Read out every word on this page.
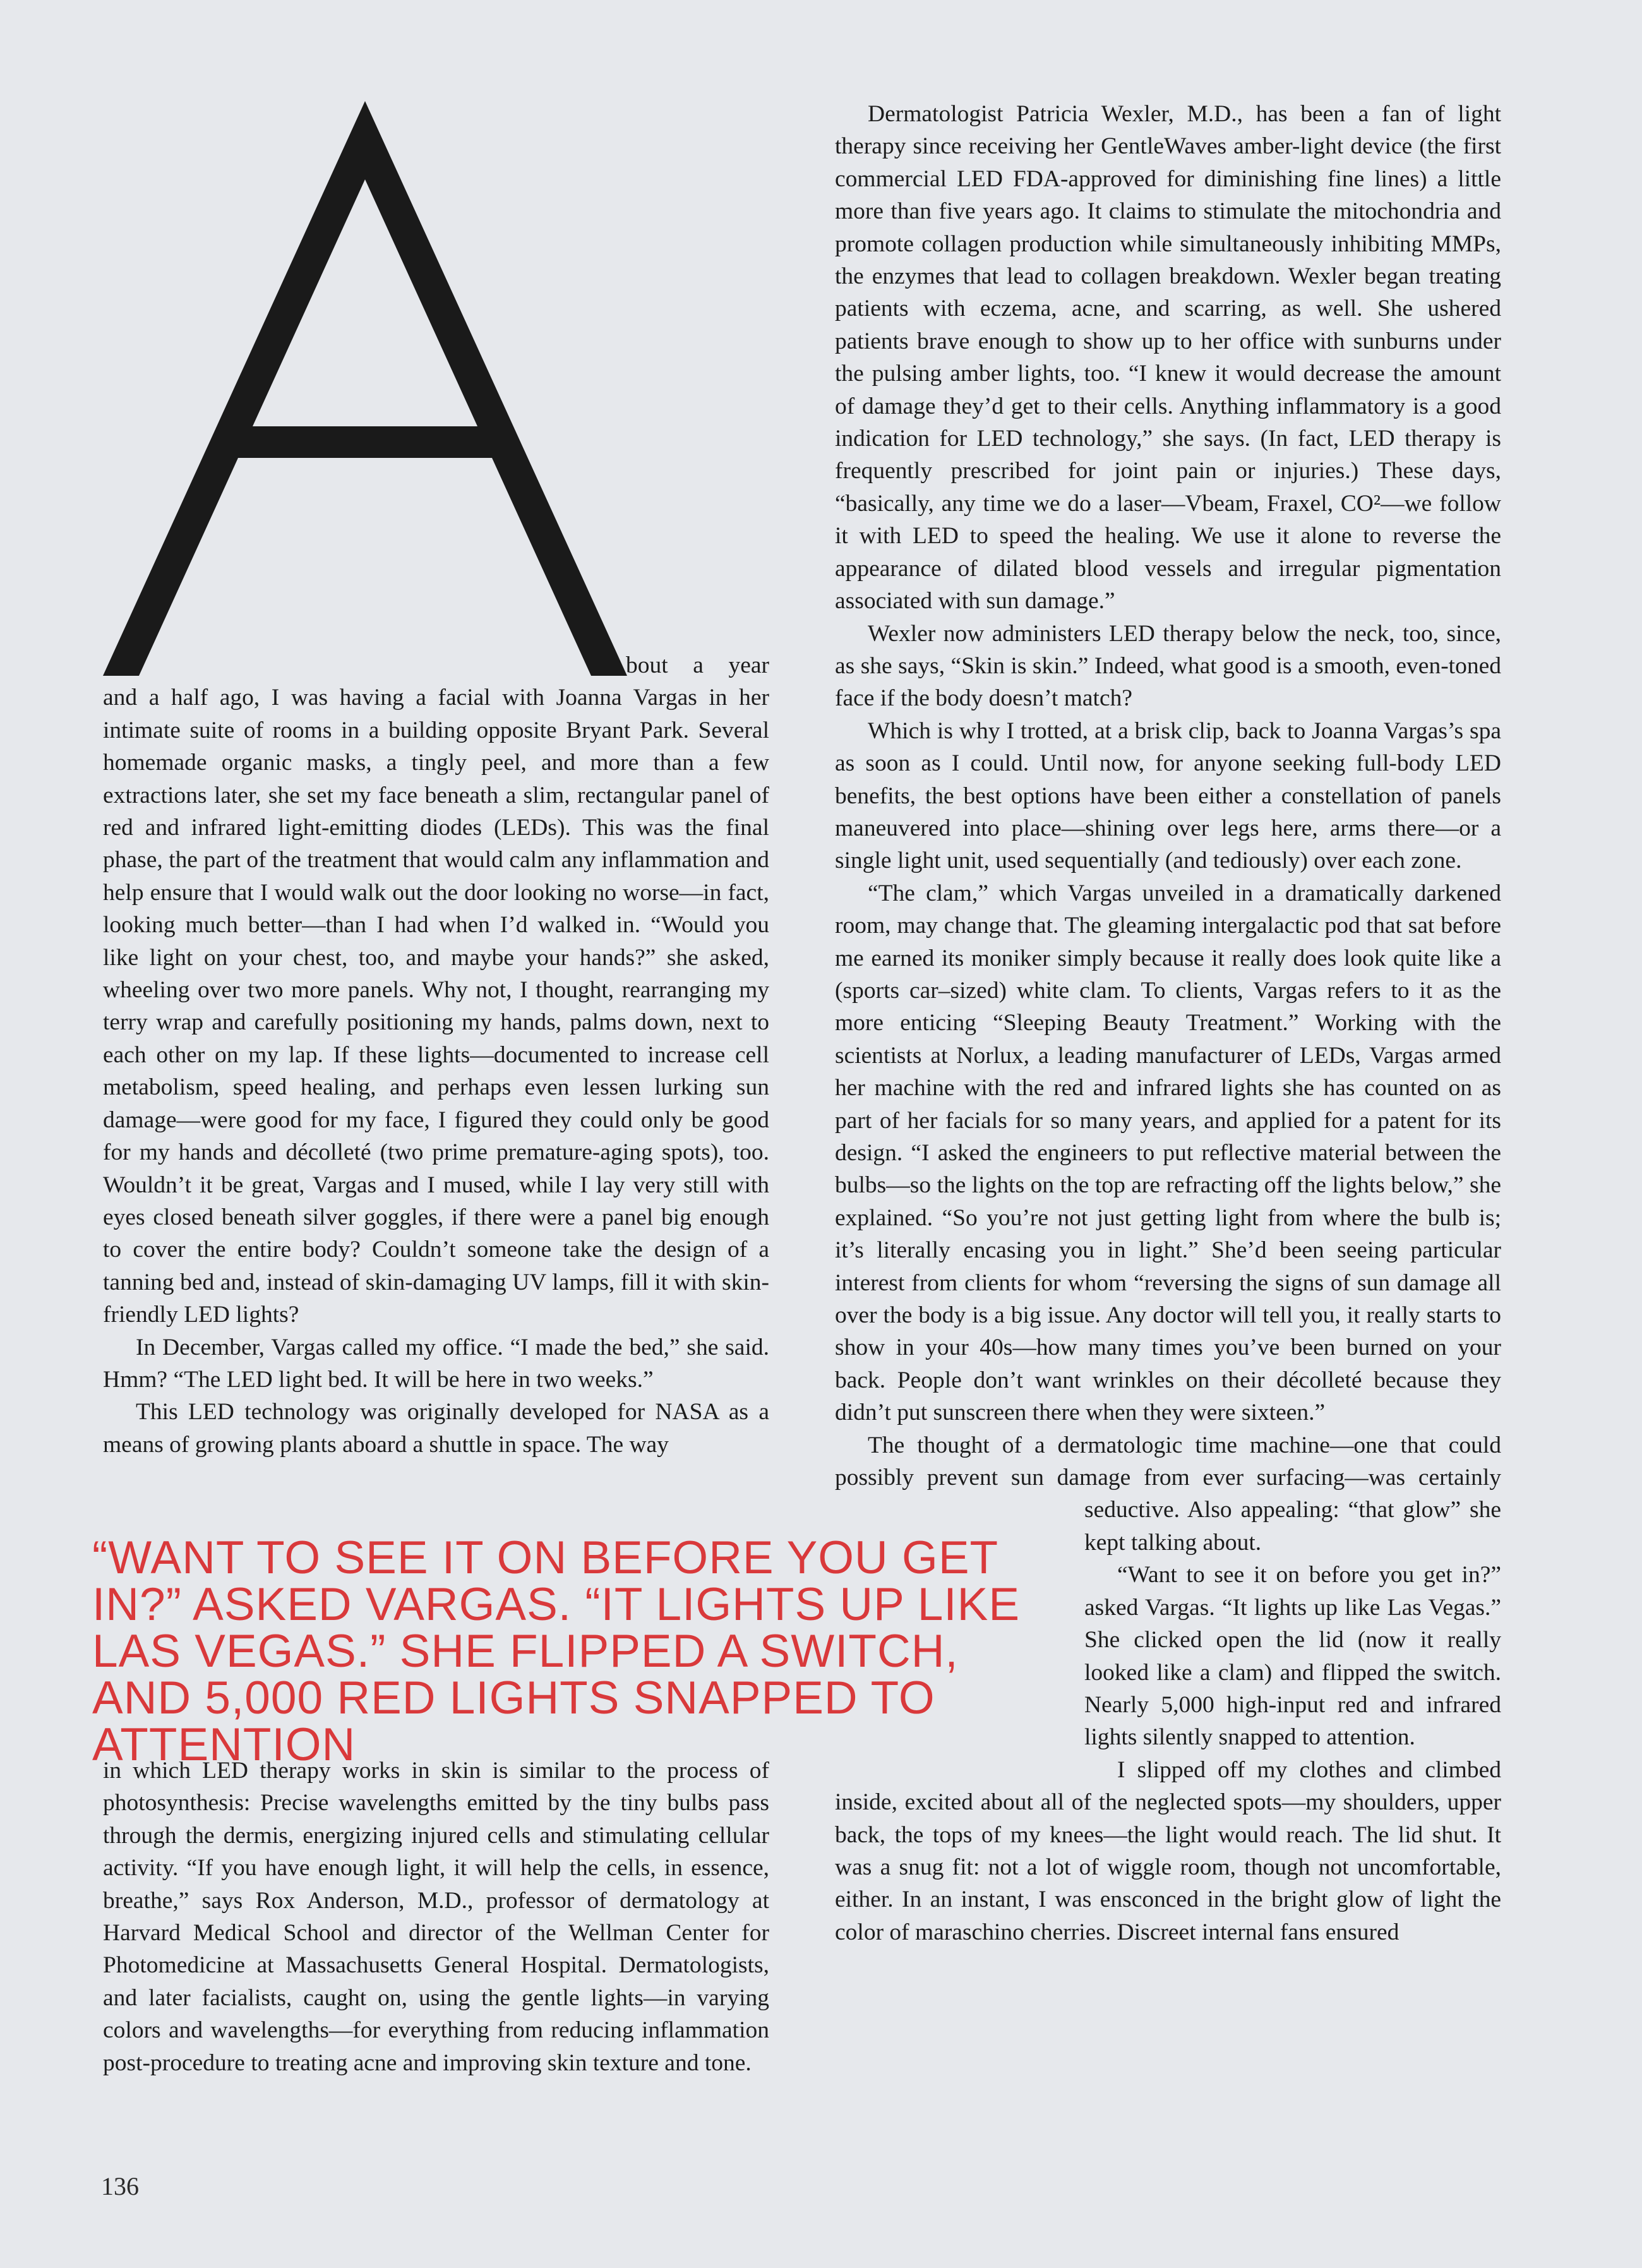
A

bout a year and a half ago, I was having a facial with Joanna Vargas in her intimate suite of rooms in a building opposite Bryant Park. Several homemade organic masks, a tingly peel, and more than a few extractions later, she set my face beneath a slim, rectangular panel of red and infrared light-emitting diodes (LEDs). This was the final phase, the part of the treatment that would calm any inflammation and help ensure that I would walk out the door looking no worse—in fact, looking much better—than I had when I’d walked in. “Would you like light on your chest, too, and maybe your hands?” she asked, wheeling over two more panels. Why not, I thought, rearranging my terry wrap and carefully positioning my hands, palms down, next to each other on my lap. If these lights—documented to increase cell metabolism, speed healing, and perhaps even lessen lurking sun damage—were good for my face, I figured they could only be good for my hands and décolleté (two prime premature-aging spots), too. Wouldn’t it be great, Vargas and I mused, while I lay very still with eyes closed beneath silver goggles, if there were a panel big enough to cover the entire body? Couldn’t someone take the design of a tanning bed and, instead of skin-damaging UV lamps, fill it with skin-friendly LED lights?

In December, Vargas called my office. “I made the bed,” she said. Hmm? “The LED light bed. It will be here in two weeks.”

This LED technology was originally developed for NASA as a means of growing plants aboard a shuttle in space. The way

“WANT TO SEE IT ON BEFORE YOU GET IN?” ASKED VARGAS. “IT LIGHTS UP LIKE LAS VEGAS.” SHE FLIPPED A SWITCH, AND 5,000 RED LIGHTS SNAPPED TO ATTENTION

in which LED therapy works in skin is similar to the process of photosynthesis: Precise wavelengths emitted by the tiny bulbs pass through the dermis, energizing injured cells and stimulating cellular activity. “If you have enough light, it will help the cells, in essence, breathe,” says Rox Anderson, M.D., professor of dermatology at Harvard Medical School and director of the Wellman Center for Photomedicine at Massachusetts General Hospital. Dermatologists, and later facialists, caught on, using the gentle lights—in varying colors and wavelengths—for everything from reducing inflammation post-procedure to treating acne and improving skin texture and tone.

Dermatologist Patricia Wexler, M.D., has been a fan of light therapy since receiving her GentleWaves amber-light device (the first commercial LED FDA-approved for diminishing fine lines) a little more than five years ago. It claims to stimulate the mitochondria and promote collagen production while simultaneously inhibiting MMPs, the enzymes that lead to collagen breakdown. Wexler began treating patients with eczema, acne, and scarring, as well. She ushered patients brave enough to show up to her office with sunburns under the pulsing amber lights, too. “I knew it would decrease the amount of damage they’d get to their cells. Anything inflammatory is a good indication for LED technology,” she says. (In fact, LED therapy is frequently prescribed for joint pain or injuries.) These days, “basically, any time we do a laser—Vbeam, Fraxel, CO²—we follow it with LED to speed the healing. We use it alone to reverse the appearance of dilated blood vessels and irregular pigmentation associated with sun damage.”

Wexler now administers LED therapy below the neck, too, since, as she says, “Skin is skin.” Indeed, what good is a smooth, even-toned face if the body doesn’t match?

Which is why I trotted, at a brisk clip, back to Joanna Vargas’s spa as soon as I could. Until now, for anyone seeking full-body LED benefits, the best options have been either a constellation of panels maneuvered into place—shining over legs here, arms there—or a single light unit, used sequentially (and tediously) over each zone.

“The clam,” which Vargas unveiled in a dramatically darkened room, may change that. The gleaming intergalactic pod that sat before me earned its moniker simply because it really does look quite like a (sports car–sized) white clam. To clients, Vargas refers to it as the more enticing “Sleeping Beauty Treatment.” Working with the scientists at Norlux, a leading manufacturer of LEDs, Vargas armed her machine with the red and infrared lights she has counted on as part of her facials for so many years, and applied for a patent for its design. “I asked the engineers to put reflective material between the bulbs—so the lights on the top are refracting off the lights below,” she explained. “So you’re not just getting light from where the bulb is; it’s literally encasing you in light.” She’d been seeing particular interest from clients for whom “reversing the signs of sun damage all over the body is a big issue. Any doctor will tell you, it really starts to show in your 40s—how many times you’ve been burned on your back. People don’t want wrinkles on their décolleté because they didn’t put sunscreen there when they were sixteen.”

The thought of a dermatologic time machine—one that could possibly prevent sun damage from ever surfacing—was certainly seductive. Also appealing: “that glow” she kept talking about.

“Want to see it on before you get in?” asked Vargas. “It lights up like Las Vegas.” She clicked open the lid (now it really looked like a clam) and flipped the switch. Nearly 5,000 high-input red and infrared lights silently snapped to attention.

I slipped off my clothes and climbed inside, excited about all of the neglected spots—my shoulders, upper back, the tops of my knees—the light would reach. The lid shut. It was a snug fit: not a lot of wiggle room, though not uncomfortable, either. In an instant, I was ensconced in the bright glow of light the color of maraschino cherries. Discreet internal fans ensured

136
